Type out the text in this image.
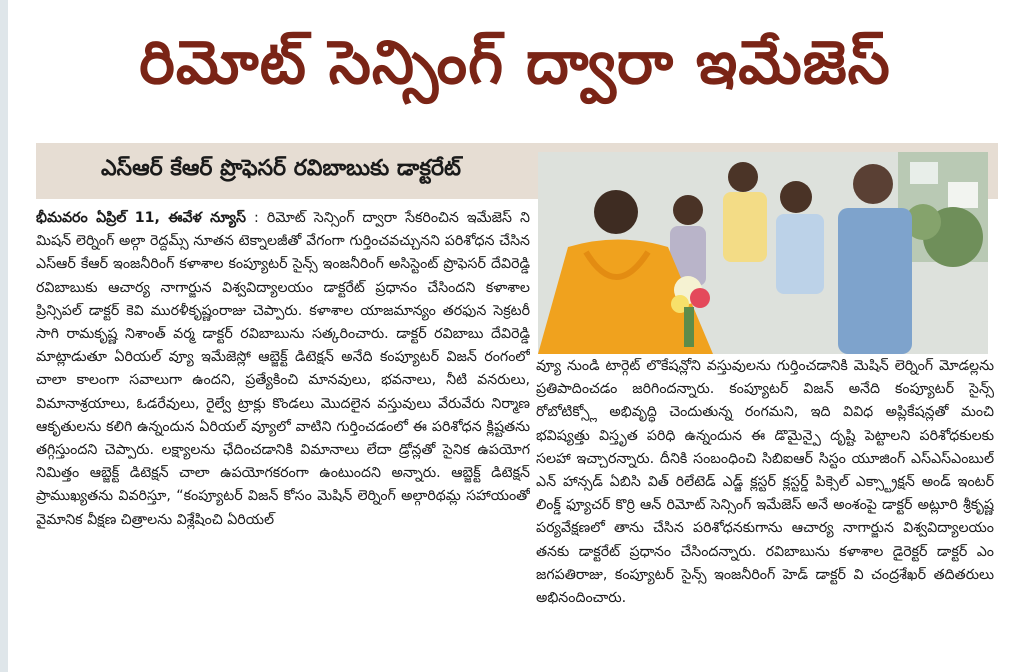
రిమోట్ సెన్సింగ్ ద్వారా ఇమేజెస్
ఎస్ఆర్ కేఆర్ ప్రొఫెసర్ రవిబాబుకు డాక్టరేట్

భీమవరం ఏప్రిల్ 11, ఈవేళ న్యూస్ : రిమోట్ సెన్సింగ్ ద్వారా సేకరించిన ఇమేజెస్ ని మిషన్ లెర్నింగ్ అల్గా రెద్దమ్స్ నూతన టెక్నాలజీతో వేగంగా గుర్తించవచ్చునని పరిశోధన చేసిన ఎస్ఆర్ కేఆర్ ఇంజనీరింగ్ కళాశాల కంప్యూటర్ సైన్స్ ఇంజనీరింగ్ అసిస్టెంట్ ప్రొఫెసర్ దేవిరెడ్డి రవిబాబుకు ఆచార్య నాగార్జున విశ్వవిద్యాలయం డాక్టరేట్ ప్రధానం చేసిందని కళాశాల ప్రిన్సిపల్ డాక్టర్ కెవి మురళీకృష్ణంరాజు చెప్పారు. కళాశాల యాజమాన్యం తరఫున సెక్రటరీ సాగి రామకృష్ణ నిశాంత్ వర్మ డాక్టర్ రవిబాబును సత్కరించారు. డాక్టర్ రవిబాబు దేవిరెడ్డి మాట్లాడుతూ ఏరియల్ వ్యూ ఇమేజెస్లో ఆబ్జెక్ట్ డిటెక్షన్ అనేది కంప్యూటర్ విజన్ రంగంలో చాలా కాలంగా సవాలుగా ఉందని, ప్రత్యేకించి మానవులు, భవనాలు, నీటి వనరులు, విమానాశ్రయాలు, ఓడరేవులు, రైల్వే ట్రాక్లు కొండలు మొదలైన వస్తువులు వేరువేరు నిర్మాణ ఆకృతులను కలిగి ఉన్నందున ఏరియల్ వ్యూలో వాటిని గుర్తించడంలో ఈ పరిశోధన క్లిష్టతను తగ్గిస్తుందని చెప్పారు. లక్ష్యాలను ఛేదించడానికి విమానాలు లేదా డ్రోన్లతో సైనిక ఉపయోగ నిమిత్తం ఆబ్జెక్ట్ డిటెక్షన్ చాలా ఉపయోగకరంగా ఉంటుందని అన్నారు. ఆబ్జెక్ట్ డిటెక్షన్ ప్రాముఖ్యతను వివరిస్తూ, “కంప్యూటర్ విజన్ కోసం మెషిన్ లెర్నింగ్ అల్గారిథమ్ల సహాయంతో వైమానిక వీక్షణ చిత్రాలను విశ్లేషించి ఏరియల్

వ్యూ నుండి టార్గెట్ లొకేషన్లోని వస్తువులను గుర్తించడానికి మెషిన్ లెర్నింగ్ మోడల్లను ప్రతిపాదించడం జరిగిందన్నారు. కంప్యూటర్ విజన్ అనేది కంప్యూటర్ సైన్స్ రోబోటిక్స్లో అభివృద్ధి చెందుతున్న రంగమని, ఇది వివిధ అప్లికేషన్లతో మంచి భవిష్యత్తు విస్తృత పరిధి ఉన్నందున ఈ డొమైన్పై దృష్టి పెట్టాలని పరిశోధకులకు సలహా ఇచ్చారన్నారు. దీనికి సంబంధించి సిబిఐఆర్ సిస్టం యూజింగ్ ఎస్ఎస్ఎంబుల్ ఎన్ హాన్సడ్ ఏబిసి విత్ రిలేటెడ్ ఎడ్జ్ క్లస్టర్ క్లస్టర్డ్ పిక్సెల్ ఎక్స్ట్రాక్షన్ అండ్ ఇంటర్ లింక్డ్ ఫ్యూచర్ కొర్రి ఆన్ రిమోట్ సెన్సింగ్ ఇమేజెస్ అనే అంశంపై డాక్టర్ అట్లూరి శ్రీకృష్ణ పర్యవేక్షణలో తాను చేసిన పరిశోధనకుగాను ఆచార్య నాగార్జున విశ్వవిద్యాలయం తనకు డాక్టరేట్ ప్రధానం చేసిందన్నారు. రవిబాబును కళాశాల డైరెక్టర్ డాక్టర్ ఎం జగపతిరాజు, కంప్యూటర్ సైన్స్ ఇంజనీరింగ్ హెడ్ డాక్టర్ వి చంద్రశేఖర్ తదితరులు అభినందించారు.
